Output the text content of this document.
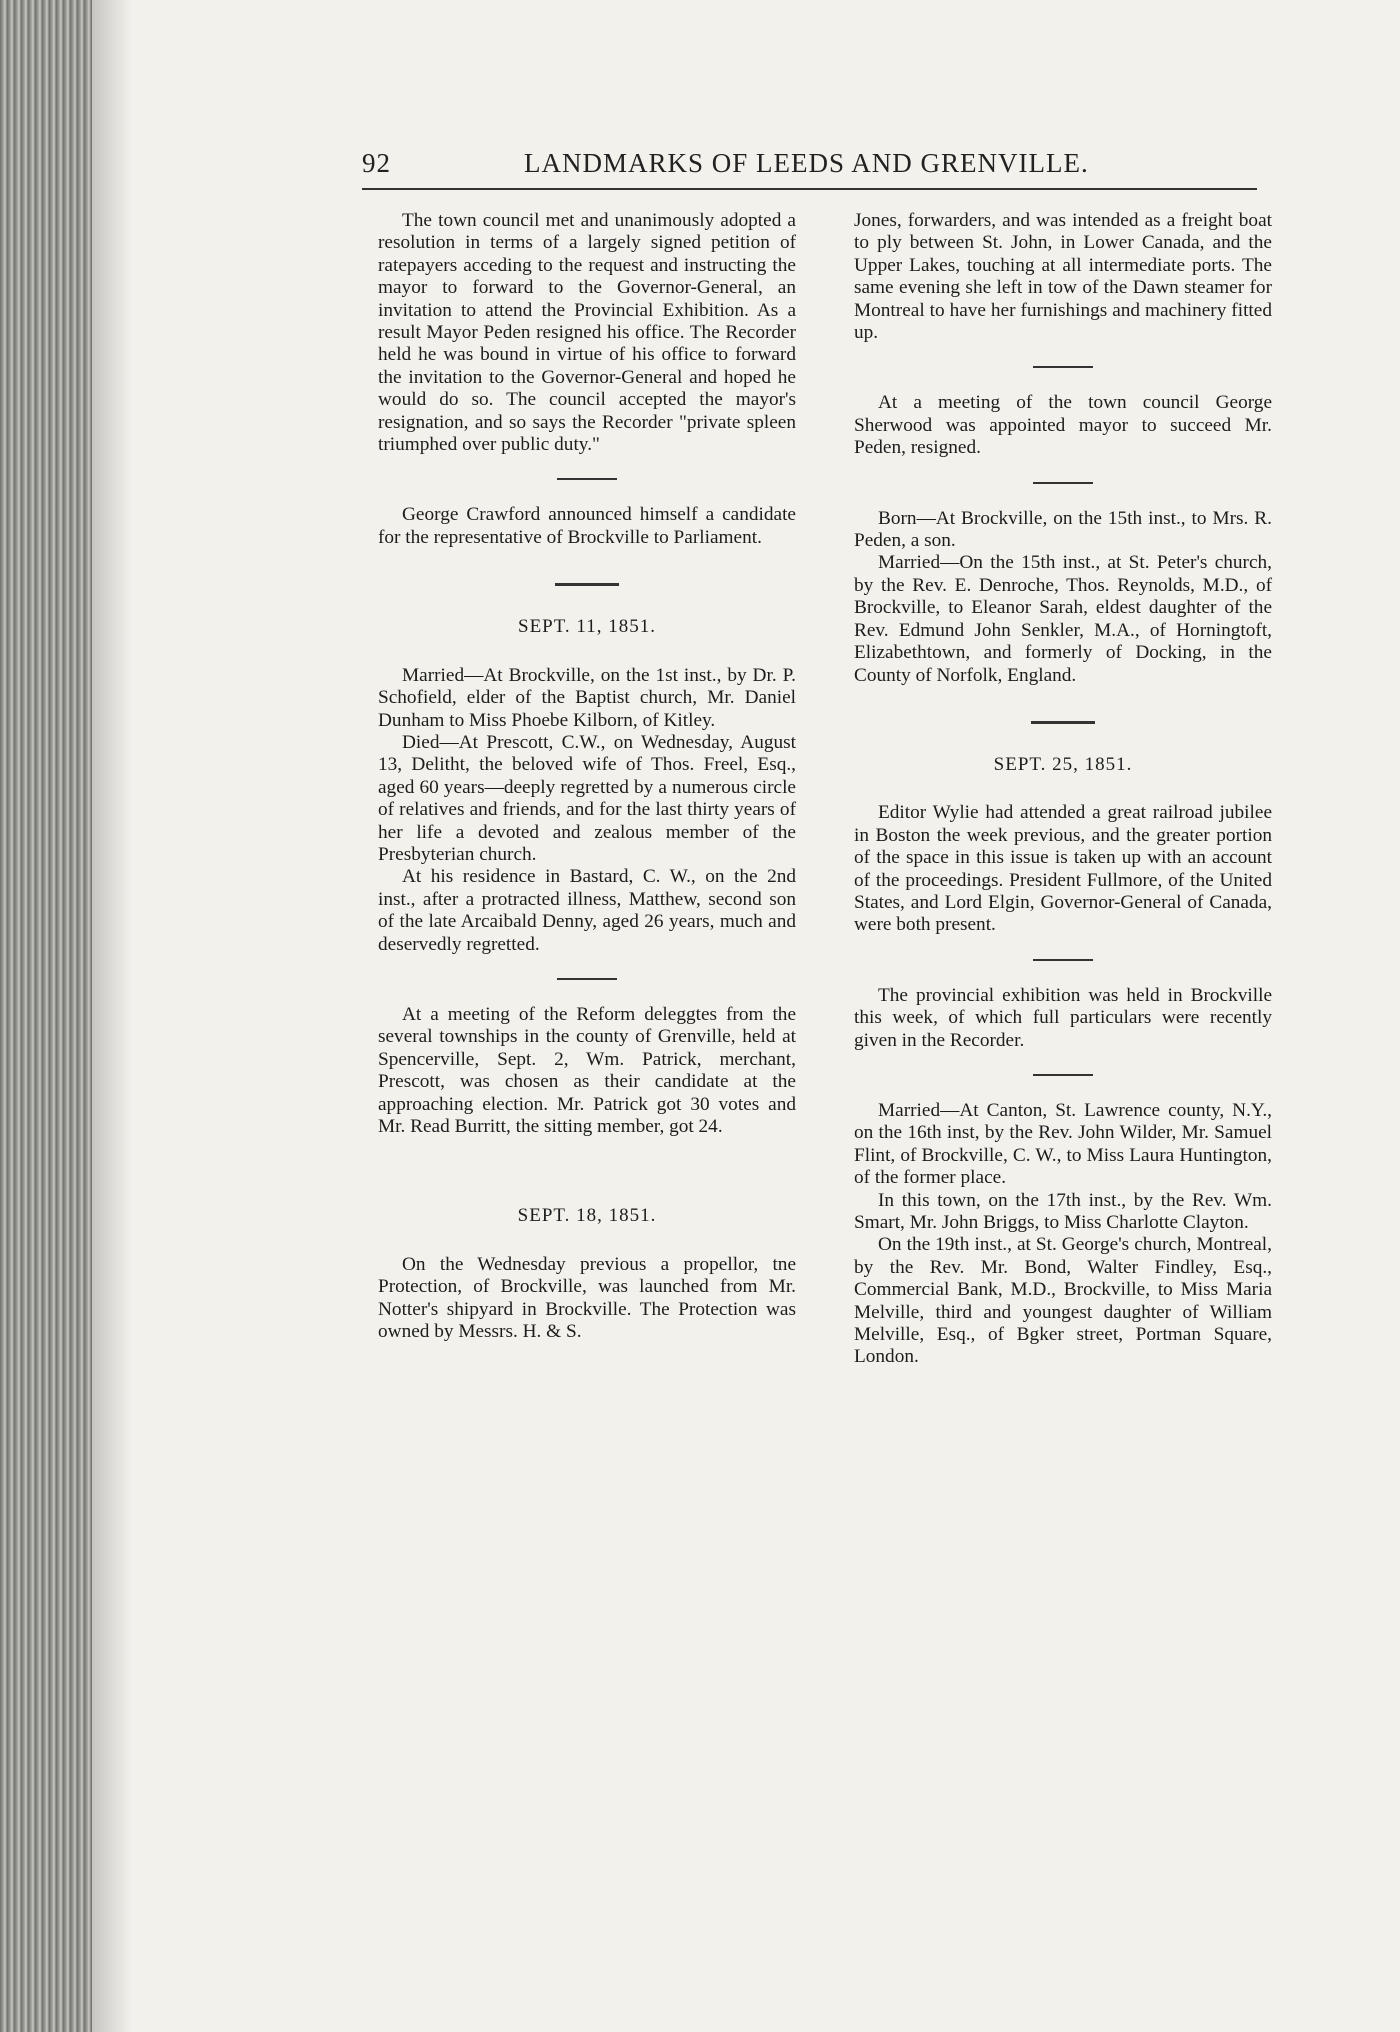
92	LANDMARKS OF LEEDS AND GRENVILLE.

The town council met and unanimously adopted a resolution in terms of a largely signed petition of ratepayers acceding to the request and instructing the mayor to forward to the Governor-General, an invitation to attend the Provincial Exhibition. As a result Mayor Peden resigned his office. The Recorder held he was bound in virtue of his office to forward the invitation to the Governor-General and hoped he would do so. The council accepted the mayor's resignation, and so says the Recorder "private spleen triumphed over public duty."

George Crawford announced himself a candidate for the representative of Brockville to Parliament.

SEPT. 11, 1851.

Married—At Brockville, on the 1st inst., by Dr. P. Schofield, elder of the Baptist church, Mr. Daniel Dunham to Miss Phoebe Kilborn, of Kitley.

Died—At Prescott, C.W., on Wednesday, August 13, Delitht, the beloved wife of Thos. Freel, Esq., aged 60 years—deeply regretted by a numerous circle of relatives and friends, and for the last thirty years of her life a devoted and zealous member of the Presbyterian church.

At his residence in Bastard, C. W., on the 2nd inst., after a protracted illness, Matthew, second son of the late Arcaibald Denny, aged 26 years, much and deservedly regretted.

At a meeting of the Reform deleggtes from the several townships in the county of Grenville, held at Spencerville, Sept. 2, Wm. Patrick, merchant, Prescott, was chosen as their candidate at the approaching election. Mr. Patrick got 30 votes and Mr. Read Burritt, the sitting member, got 24.

SEPT. 18, 1851.

On the Wednesday previous a propellor, tne Protection, of Brockville, was launched from Mr. Notter's shipyard in Brockville. The Protection was owned by Messrs. H. & S.

Jones, forwarders, and was intended as a freight boat to ply between St. John, in Lower Canada, and the Upper Lakes, touching at all intermediate ports. The same evening she left in tow of the Dawn steamer for Montreal to have her furnishings and machinery fitted up.

At a meeting of the town council George Sherwood was appointed mayor to succeed Mr. Peden, resigned.

Born—At Brockville, on the 15th inst., to Mrs. R. Peden, a son.

Married—On the 15th inst., at St. Peter's church, by the Rev. E. Denroche, Thos. Reynolds, M.D., of Brockville, to Eleanor Sarah, eldest daughter of the Rev. Edmund John Senkler, M.A., of Horningtoft, Elizabethtown, and formerly of Docking, in the County of Norfolk, England.

SEPT. 25, 1851.

Editor Wylie had attended a great railroad jubilee in Boston the week previous, and the greater portion of the space in this issue is taken up with an account of the proceedings. President Fullmore, of the United States, and Lord Elgin, Governor-General of Canada, were both present.

The provincial exhibition was held in Brockville this week, of which full particulars were recently given in the Recorder.

Married—At Canton, St. Lawrence county, N.Y., on the 16th inst, by the Rev. John Wilder, Mr. Samuel Flint, of Brockville, C. W., to Miss Laura Huntington, of the former place.

In this town, on the 17th inst., by the Rev. Wm. Smart, Mr. John Briggs, to Miss Charlotte Clayton.

On the 19th inst., at St. George's church, Montreal, by the Rev. Mr. Bond, Walter Findley, Esq., Commercial Bank, M.D., Brockville, to Miss Maria Melville, third and youngest daughter of William Melville, Esq., of Bgker street, Portman Square, London.
